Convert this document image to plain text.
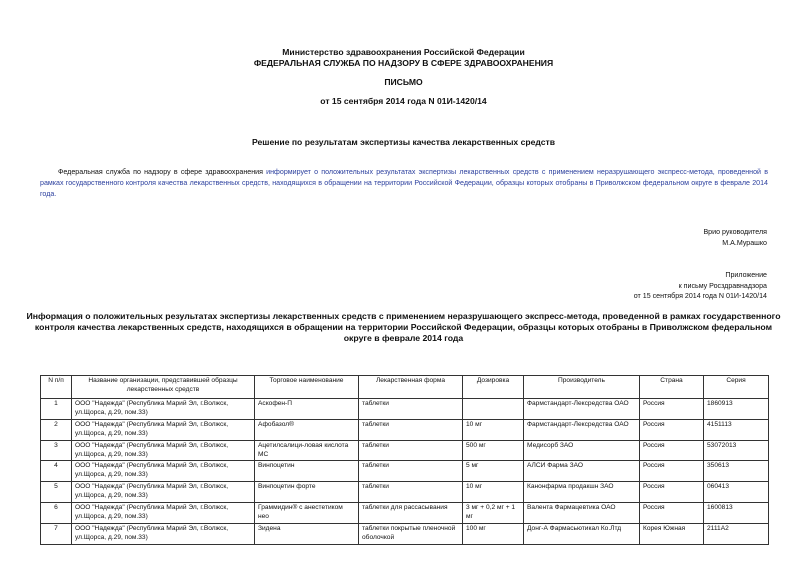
Министерство здравоохранения Российской Федерации
ФЕДЕРАЛЬНАЯ СЛУЖБА ПО НАДЗОРУ В СФЕРЕ ЗДРАВООХРАНЕНИЯ
ПИСЬМО
от 15 сентября 2014 года N 01И-1420/14
Решение по результатам экспертизы качества лекарственных средств
Федеральная служба по надзору в сфере здравоохранения информирует о положительных результатах экспертизы лекарственных средств с применением неразрушающего экспресс-метода, проведенной в рамках государственного контроля качества лекарственных средств, находящихся в обращении на территории Российской Федерации, образцы которых отобраны в Приволжском федеральном округе в феврале 2014 года.
Врио руководителя
М.А.Мурашко
Приложение
к письму Росздравнадзора
от 15 сентября 2014 года N 01И-1420/14
Информация о положительных результатах экспертизы лекарственных средств с применением неразрушающего экспресс-метода, проведенной в рамках государственного контроля качества лекарственных средств, находящихся в обращении на территории Российской Федерации, образцы которых отобраны в Приволжском федеральном округе в феврале 2014 года
N п/п	Название организации, представившей образцы лекарственных средств	Торговое наименование	Лекарственная форма	Дозировка	Производитель	Страна	Серия
1	ООО "Надежда" (Республика Марий Эл, г.Волжск, ул.Щорса, д.29, пом.33)	Аскофен-П	таблетки		Фармстандарт-Лексредства ОАО	Россия	1860913
2	ООО "Надежда" (Республика Марий Эл, г.Волжск, ул.Щорса, д.29, пом.33)	Афобазол®	таблетки	10 мг	Фармстандарт-Лексредства ОАО	Россия	4151113
3	ООО "Надежда" (Республика Марий Эл, г.Волжск, ул.Щорса, д.29, пом.33)	Ацетилсалици-ловая кислота МС	таблетки	500 мг	Медисорб ЗАО	Россия	53072013
4	ООО "Надежда" (Республика Марий Эл, г.Волжск, ул.Щорса, д.29, пом.33)	Винпоцетин	таблетки	5 мг	АЛСИ Фарма ЗАО	Россия	350613
5	ООО "Надежда" (Республика Марий Эл, г.Волжск, ул.Щорса, д.29, пом.33)	Винпоцетин форте	таблетки	10 мг	Канонфарма продакшн ЗАО	Россия	060413
6	ООО "Надежда" (Республика Марий Эл, г.Волжск, ул.Щорса, д.29, пом.33)	Граммидин® с анестетиком нео	таблетки для рассасывания	3 мг + 0,2 мг + 1 мг	Валента Фармацевтика ОАО	Россия	1600813
7	ООО "Надежда" (Республика Марий Эл, г.Волжск, ул.Щорса, д.29, пом.33)	Зидена	таблетки покрытые пленочной оболочкой	100 мг	Донг-А Фармасьютикал Ко.Лтд	Корея Южная	2111А2
